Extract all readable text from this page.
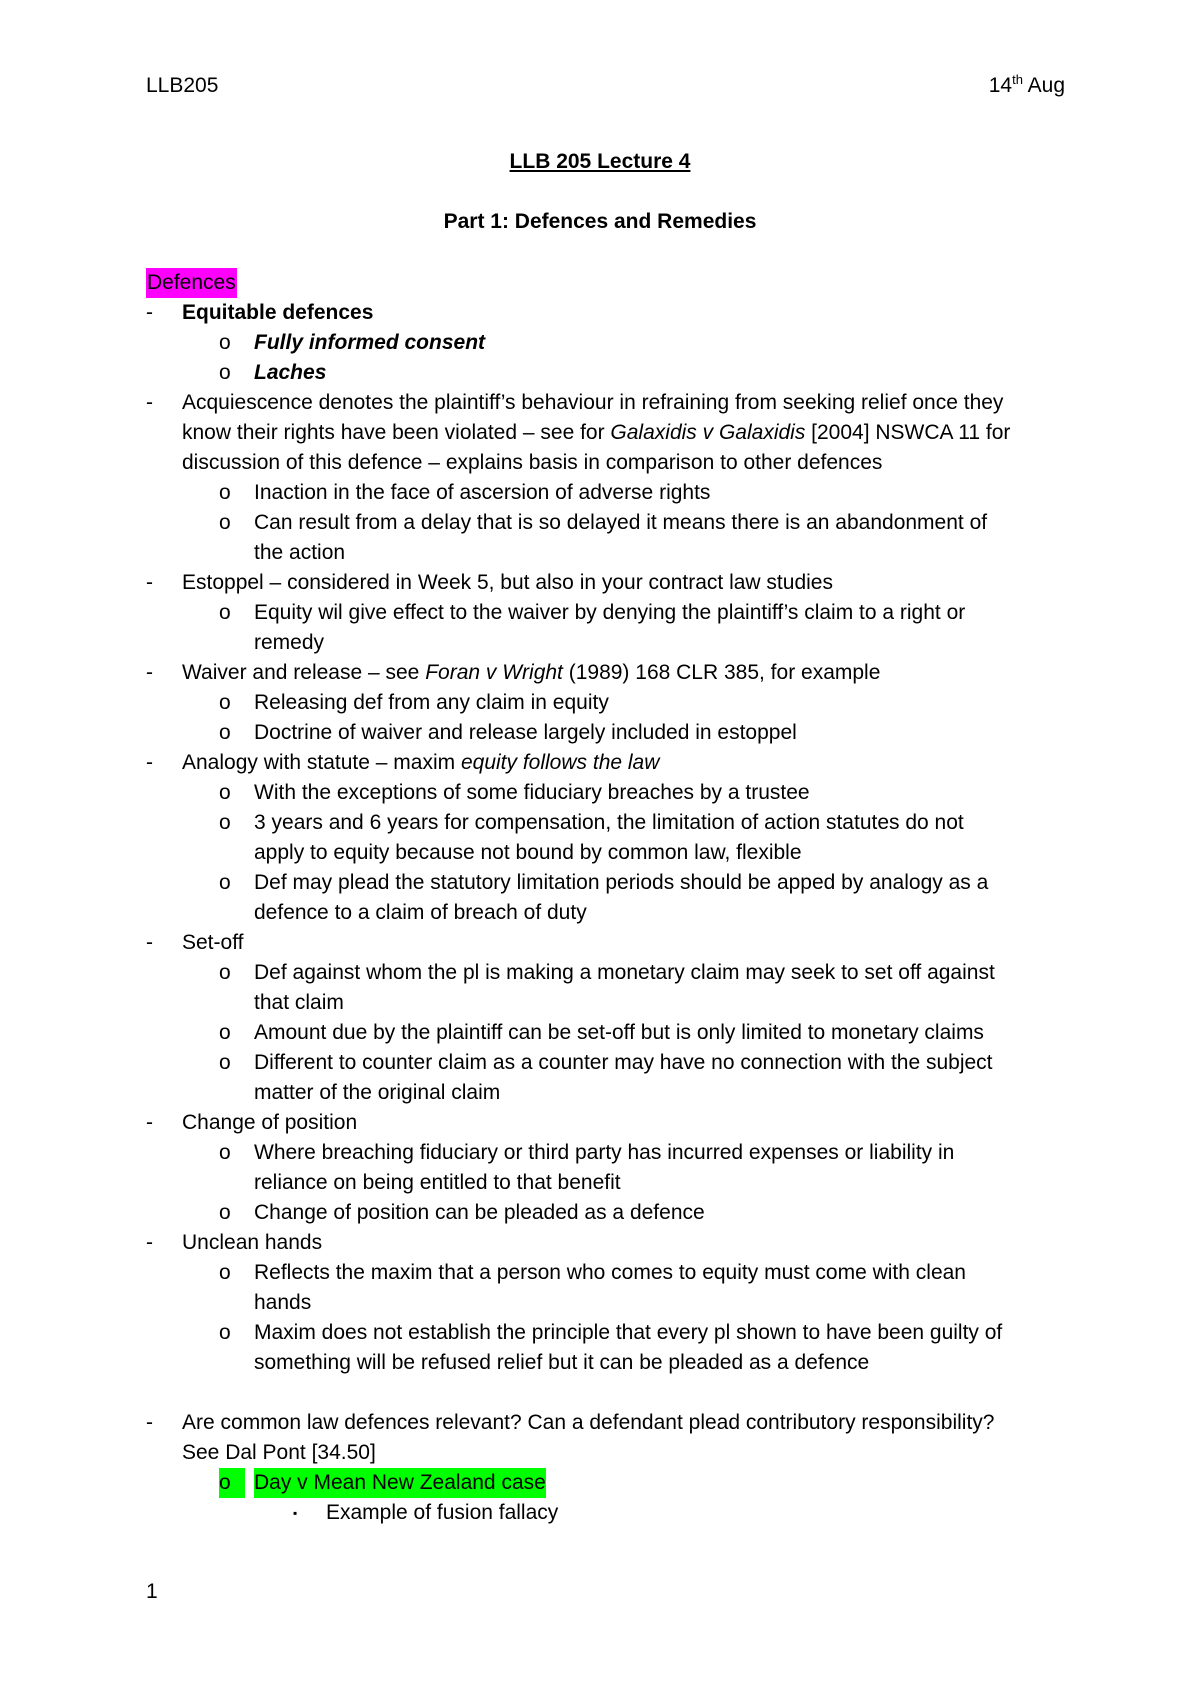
LLB205	14th Aug
LLB 205 Lecture 4
Part 1: Defences and Remedies
Defences
- Equitable defences
o Fully informed consent
o Laches
- Acquiescence denotes the plaintiff’s behaviour in refraining from seeking relief once they
know their rights have been violated – see for Galaxidis v Galaxidis [2004] NSWCA 11 for
discussion of this defence – explains basis in comparison to other defences
o Inaction in the face of ascersion of adverse rights
o Can result from a delay that is so delayed it means there is an abandonment of
the action
- Estoppel – considered in Week 5, but also in your contract law studies
o Equity wil give effect to the waiver by denying the plaintiff’s claim to a right or
remedy
- Waiver and release – see Foran v Wright (1989) 168 CLR 385, for example
o Releasing def from any claim in equity
o Doctrine of waiver and release largely included in estoppel
- Analogy with statute – maxim equity follows the law
o With the exceptions of some fiduciary breaches by a trustee
o 3 years and 6 years for compensation, the limitation of action statutes do not
apply to equity because not bound by common law, flexible
o Def may plead the statutory limitation periods should be apped by analogy as a
defence to a claim of breach of duty
- Set-off
o Def against whom the pl is making a monetary claim may seek to set off against
that claim
o Amount due by the plaintiff can be set-off but is only limited to monetary claims
o Different to counter claim as a counter may have no connection with the subject
matter of the original claim
- Change of position
o Where breaching fiduciary or third party has incurred expenses or liability in
reliance on being entitled to that benefit
o Change of position can be pleaded as a defence
- Unclean hands
o Reflects the maxim that a person who comes to equity must come with clean
hands
o Maxim does not establish the principle that every pl shown to have been guilty of
something will be refused relief but it can be pleaded as a defence
- Are common law defences relevant? Can a defendant plead contributory responsibility?
See Dal Pont [34.50]
o	Day v Mean New Zealand case
▪ Example of fusion fallacy
1
